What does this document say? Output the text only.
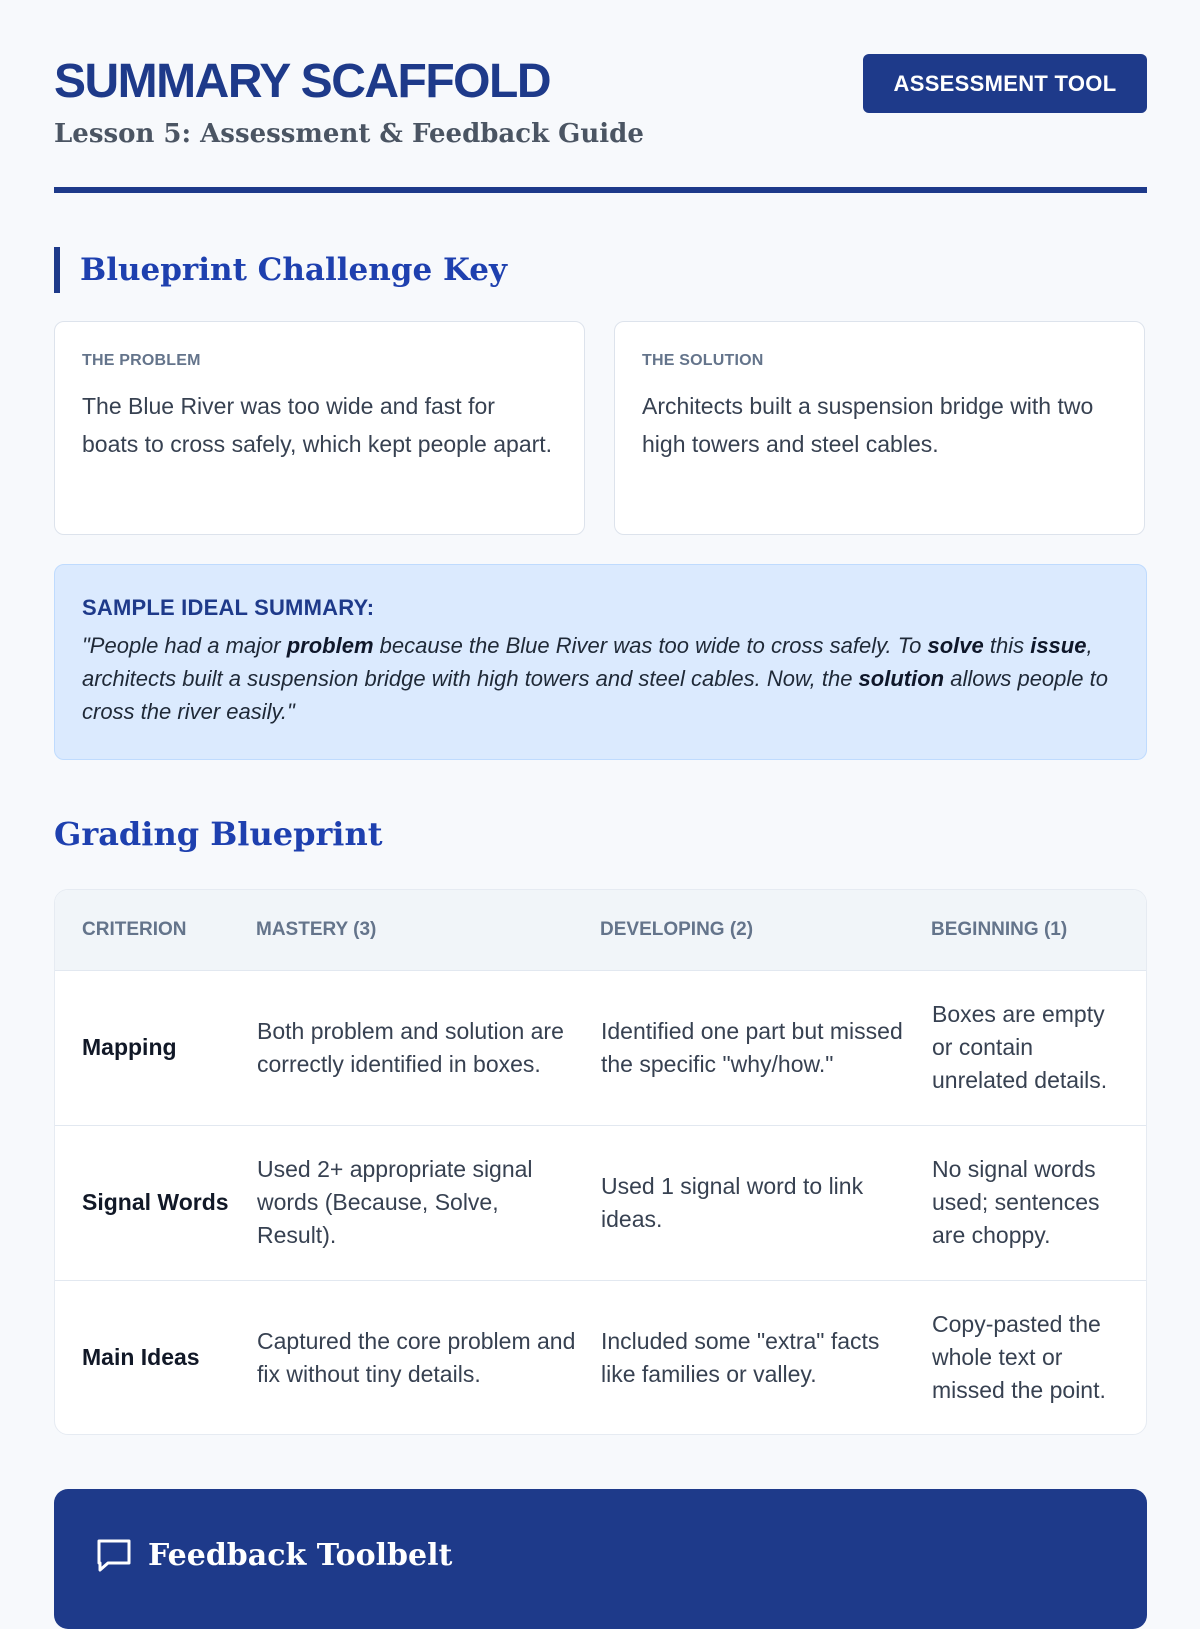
SUMMARY SCAFFOLD
Lesson 5: Assessment & Feedback Guide
ASSESSMENT TOOL
Blueprint Challenge Key
THE PROBLEM
The Blue River was too wide and fast for boats to cross safely, which kept people apart.
THE SOLUTION
Architects built a suspension bridge with two high towers and steel cables.
SAMPLE IDEAL SUMMARY:
"People had a major problem because the Blue River was too wide to cross safely. To solve this issue, architects built a suspension bridge with high towers and steel cables. Now, the solution allows people to cross the river easily."
Grading Blueprint
CRITERION	MASTERY (3)	DEVELOPING (2)	BEGINNING (1)
Mapping	Both problem and solution are correctly identified in boxes.	Identified one part but missed the specific "why/how."	Boxes are empty or contain unrelated details.
Signal Words	Used 2+ appropriate signal words (Because, Solve, Result).	Used 1 signal word to link ideas.	No signal words used; sentences are choppy.
Main Ideas	Captured the core problem and fix without tiny details.	Included some "extra" facts like families or valley.	Copy-pasted the whole text or missed the point.
Feedback Toolbelt
